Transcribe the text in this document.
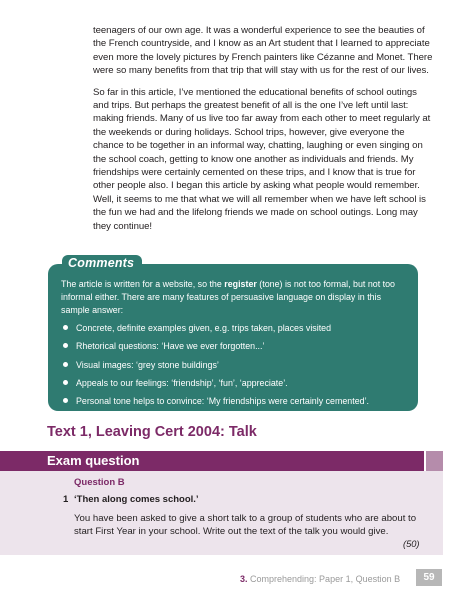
teenagers of our own age. It was a wonderful experience to see the beauties of the French countryside, and I know as an Art student that I learned to appreciate even more the lovely pictures by French painters like Cézanne and Monet. There were so many benefits from that trip that will stay with us for the rest of our lives.

So far in this article, I’ve mentioned the educational benefits of school outings and trips. But perhaps the greatest benefit of all is the one I’ve left until last: making friends. Many of us live too far away from each other to meet regularly at the weekends or during holidays. School trips, however, give everyone the chance to be together in an informal way, chatting, laughing or even singing on the school coach, getting to know one another as individuals and friends. My friendships were certainly cemented on these trips, and I know that is true for other people also. I began this article by asking what people would remember. Well, it seems to me that what we will all remember when we have left school is the fun we had and the lifelong friends we made on school outings. Long may they continue!

Comments

The article is written for a website, so the register (tone) is not too formal, but not too informal either. There are many features of persuasive language on display in this sample answer:

Concrete, definite examples given, e.g. trips taken, places visited
Rhetorical questions: ‘Have we ever forgotten...’
Visual images: ‘grey stone buildings’
Appeals to our feelings: ‘friendship’, ‘fun’, ‘appreciate’.
Personal tone helps to convince: ‘My friendships were certainly cemented’.
Text 1, Leaving Cert 2004: Talk
Exam question
Question B
1 ‘Then along comes school.’
You have been asked to give a short talk to a group of students who are about to start First Year in your school. Write out the text of the talk you would give.
(50)
3. Comprehending: Paper 1, Question B	59
